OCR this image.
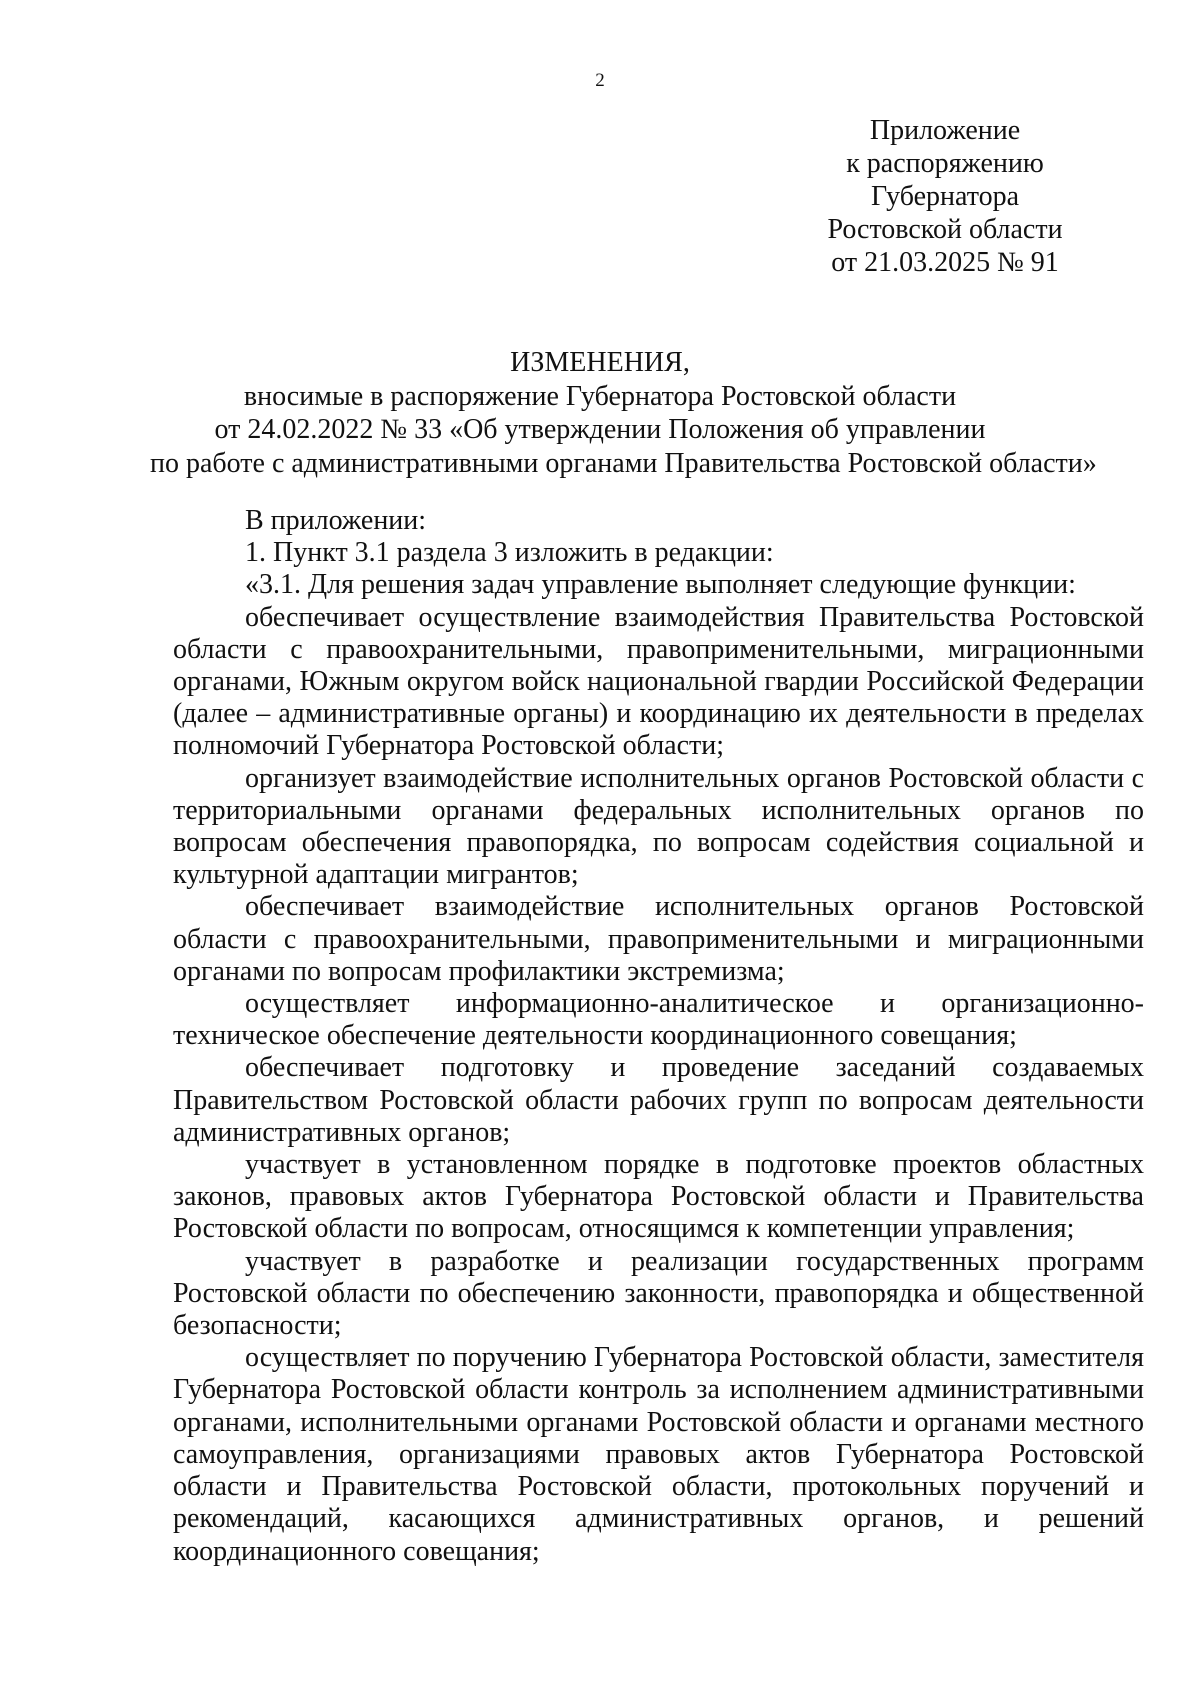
2
Приложение
к распоряжению
Губернатора
Ростовской области
от 21.03.2025 № 91
ИЗМЕНЕНИЯ,
вносимые в распоряжение Губернатора Ростовской области
от 24.02.2022 № 33 «Об утверждении Положения об управлении
по работе с административными органами Правительства Ростовской области»

В приложении:

1. Пункт 3.1 раздела 3 изложить в редакции:

«3.1. Для решения задач управление выполняет следующие функции:

обеспечивает осуществление взаимодействия Правительства Ростовской области с правоохранительными, правоприменительными, миграционными органами, Южным округом войск национальной гвардии Российской Федерации (далее – административные органы) и координацию их деятельности в пределах полномочий Губернатора Ростовской области;

организует взаимодействие исполнительных органов Ростовской области с территориальными органами федеральных исполнительных органов по вопросам обеспечения правопорядка, по вопросам содействия социальной и культурной адаптации мигрантов;

обеспечивает взаимодействие исполнительных органов Ростовской области с правоохранительными, правоприменительными и миграционными органами по вопросам профилактики экстремизма;

осуществляет информационно-аналитическое и организационно-техническое обеспечение деятельности координационного совещания;

обеспечивает подготовку и проведение заседаний создаваемых Правительством Ростовской области рабочих групп по вопросам деятельности административных органов;

участвует в установленном порядке в подготовке проектов областных законов, правовых актов Губернатора Ростовской области и Правительства Ростовской области по вопросам, относящимся к компетенции управления;

участвует в разработке и реализации государственных программ Ростовской области по обеспечению законности, правопорядка и общественной безопасности;

осуществляет по поручению Губернатора Ростовской области, заместителя Губернатора Ростовской области контроль за исполнением административными органами, исполнительными органами Ростовской области и органами местного самоуправления, организациями правовых актов Губернатора Ростовской области и Правительства Ростовской области, протокольных поручений и рекомендаций, касающихся административных органов, и решений координационного совещания;
